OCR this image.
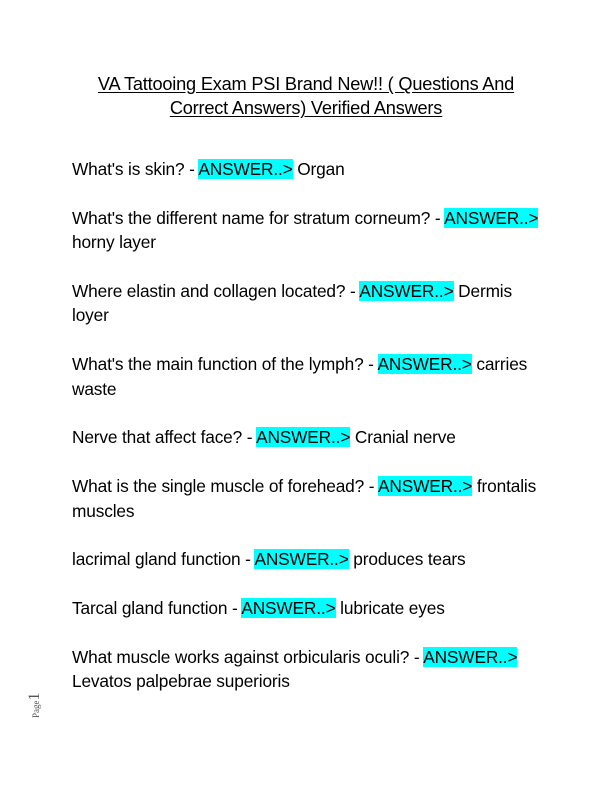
VA Tattooing Exam PSI Brand New!! ( Questions And
Correct Answers) Verified Answers
What's is skin? - ANSWER..> Organ
What's the different name for stratum corneum? - ANSWER..> horny layer
Where elastin and collagen located? - ANSWER..> Dermis loyer
What's the main function of the lymph? - ANSWER..> carries waste
Nerve that affect face? - ANSWER..> Cranial nerve
What is the single muscle of forehead? - ANSWER..> frontalis muscles
lacrimal gland function - ANSWER..> produces tears
Tarcal gland function - ANSWER..> lubricate eyes
What muscle works against orbicularis oculi? - ANSWER..> Levatos palpebrae superioris
Page1
